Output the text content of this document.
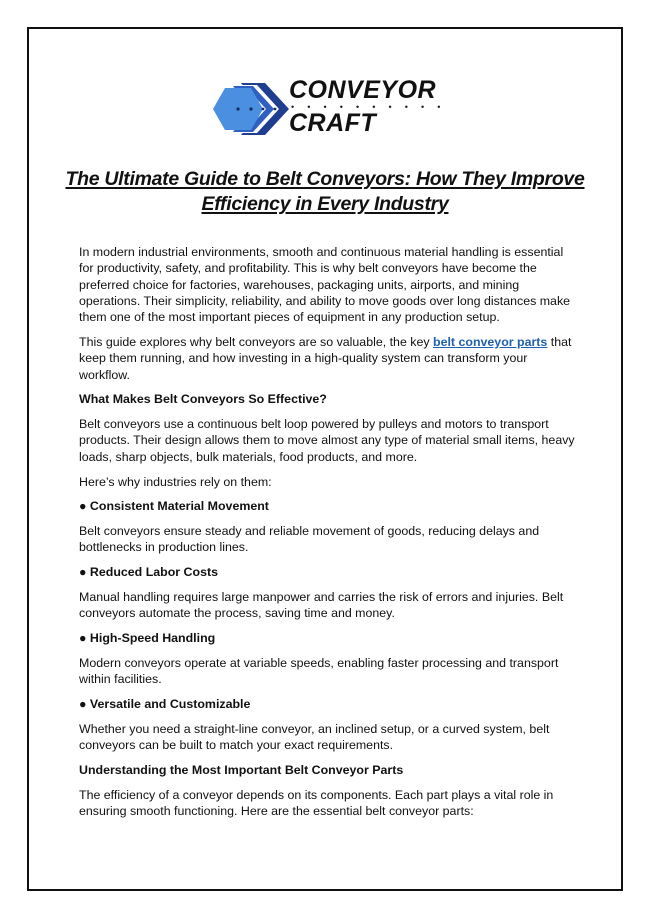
CONVEYOR
• • • • • • • • • •
CRAFT
The Ultimate Guide to Belt Conveyors: How They Improve Efficiency in Every Industry

In modern industrial environments, smooth and continuous material handling is essential for productivity, safety, and profitability. This is why belt conveyors have become the preferred choice for factories, warehouses, packaging units, airports, and mining operations. Their simplicity, reliability, and ability to move goods over long distances make them one of the most important pieces of equipment in any production setup.

This guide explores why belt conveyors are so valuable, the key belt conveyor parts that keep them running, and how investing in a high-quality system can transform your workflow.

What Makes Belt Conveyors So Effective?

Belt conveyors use a continuous belt loop powered by pulleys and motors to transport products. Their design allows them to move almost any type of material small items, heavy loads, sharp objects, bulk materials, food products, and more.

Here’s why industries rely on them:

● Consistent Material Movement

Belt conveyors ensure steady and reliable movement of goods, reducing delays and bottlenecks in production lines.

● Reduced Labor Costs

Manual handling requires large manpower and carries the risk of errors and injuries. Belt conveyors automate the process, saving time and money.

● High-Speed Handling

Modern conveyors operate at variable speeds, enabling faster processing and transport within facilities.

● Versatile and Customizable

Whether you need a straight-line conveyor, an inclined setup, or a curved system, belt conveyors can be built to match your exact requirements.

Understanding the Most Important Belt Conveyor Parts

The efficiency of a conveyor depends on its components. Each part plays a vital role in ensuring smooth functioning. Here are the essential belt conveyor parts:
